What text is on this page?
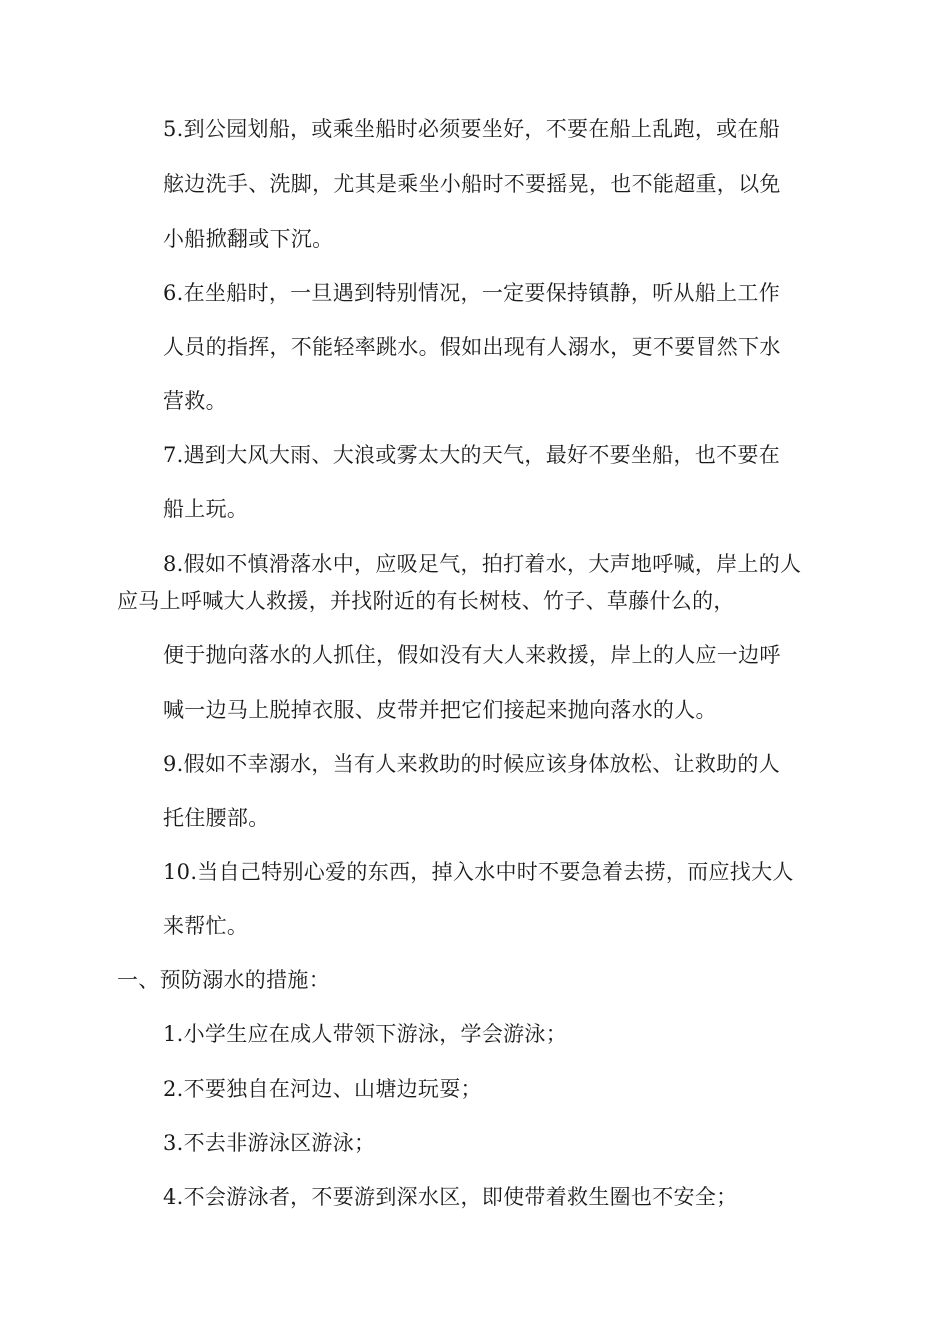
5.到公园划船，或乘坐船时必须要坐好，不要在船上乱跑，或在船
舷边洗手、洗脚，尤其是乘坐小船时不要摇晃，也不能超重，以免
小船掀翻或下沉。
6.在坐船时，一旦遇到特别情况，一定要保持镇静，听从船上工作
人员的指挥，不能轻率跳水。假如出现有人溺水，更不要冒然下水
营救。
7.遇到大风大雨、大浪或雾太大的天气，最好不要坐船，也不要在
船上玩。
8.假如不慎滑落水中，应吸足气，拍打着水，大声地呼喊，岸上的人
应马上呼喊大人救援，并找附近的有长树枝、竹子、草藤什么的，
便于抛向落水的人抓住，假如没有大人来救援，岸上的人应一边呼
喊一边马上脱掉衣服、皮带并把它们接起来抛向落水的人。
9.假如不幸溺水，当有人来救助的时候应该身体放松、让救助的人
托住腰部。
10.当自己特别心爱的东西，掉入水中时不要急着去捞，而应找大人
来帮忙。
一、预防溺水的措施：
1.小学生应在成人带领下游泳，学会游泳；
2.不要独自在河边、山塘边玩耍；
3.不去非游泳区游泳；
4.不会游泳者，不要游到深水区，即使带着救生圈也不安全；
